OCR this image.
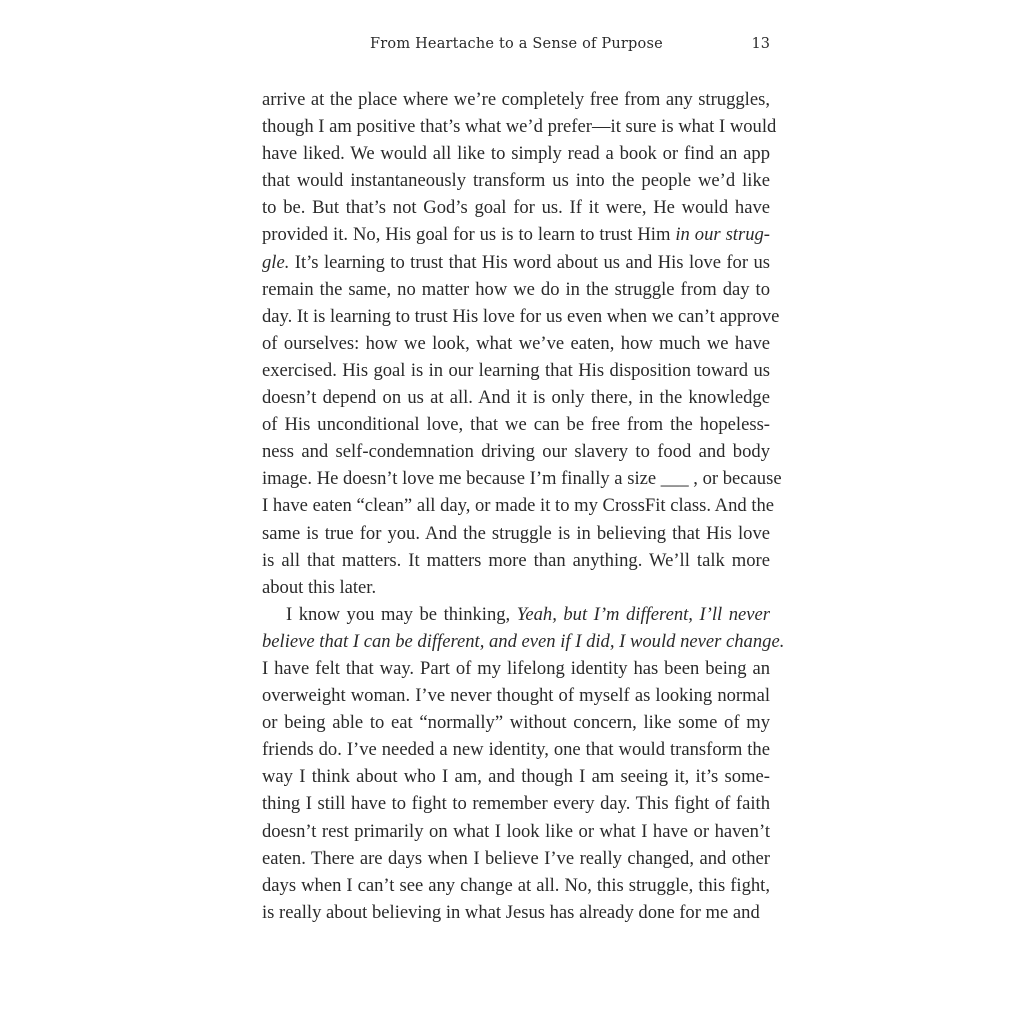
From Heartache to a Sense of Purpose	13
arrive at the place where we’re completely free from any struggles,
though I am positive that’s what we’d prefer—it sure is what I would
have liked. We would all like to simply read a book or find an app
that would instantaneously transform us into the people we’d like
to be. But that’s not God’s goal for us. If it were, He would have
provided it. No, His goal for us is to learn to trust Him in our strug-
gle. It’s learning to trust that His word about us and His love for us
remain the same, no matter how we do in the struggle from day to
day. It is learning to trust His love for us even when we can’t approve
of ourselves: how we look, what we’ve eaten, how much we have
exercised. His goal is in our learning that His disposition toward us
doesn’t depend on us at all. And it is only there, in the knowledge
of His unconditional love, that we can be free from the hopeless-
ness and self-condemnation driving our slavery to food and body
image. He doesn’t love me because I’m finally a size ___ , or because
I have eaten “clean” all day, or made it to my CrossFit class. And the
same is true for you. And the struggle is in believing that His love
is all that matters. It matters more than anything. We’ll talk more
about this later.
I know you may be thinking, Yeah, but I’m different, I’ll never
believe that I can be different, and even if I did, I would never change.
I have felt that way. Part of my lifelong identity has been being an
overweight woman. I’ve never thought of myself as looking normal
or being able to eat “normally” without concern, like some of my
friends do. I’ve needed a new identity, one that would transform the
way I think about who I am, and though I am seeing it, it’s some-
thing I still have to fight to remember every day. This fight of faith
doesn’t rest primarily on what I look like or what I have or haven’t
eaten. There are days when I believe I’ve really changed, and other
days when I can’t see any change at all. No, this struggle, this fight,
is really about believing in what Jesus has already done for me and
